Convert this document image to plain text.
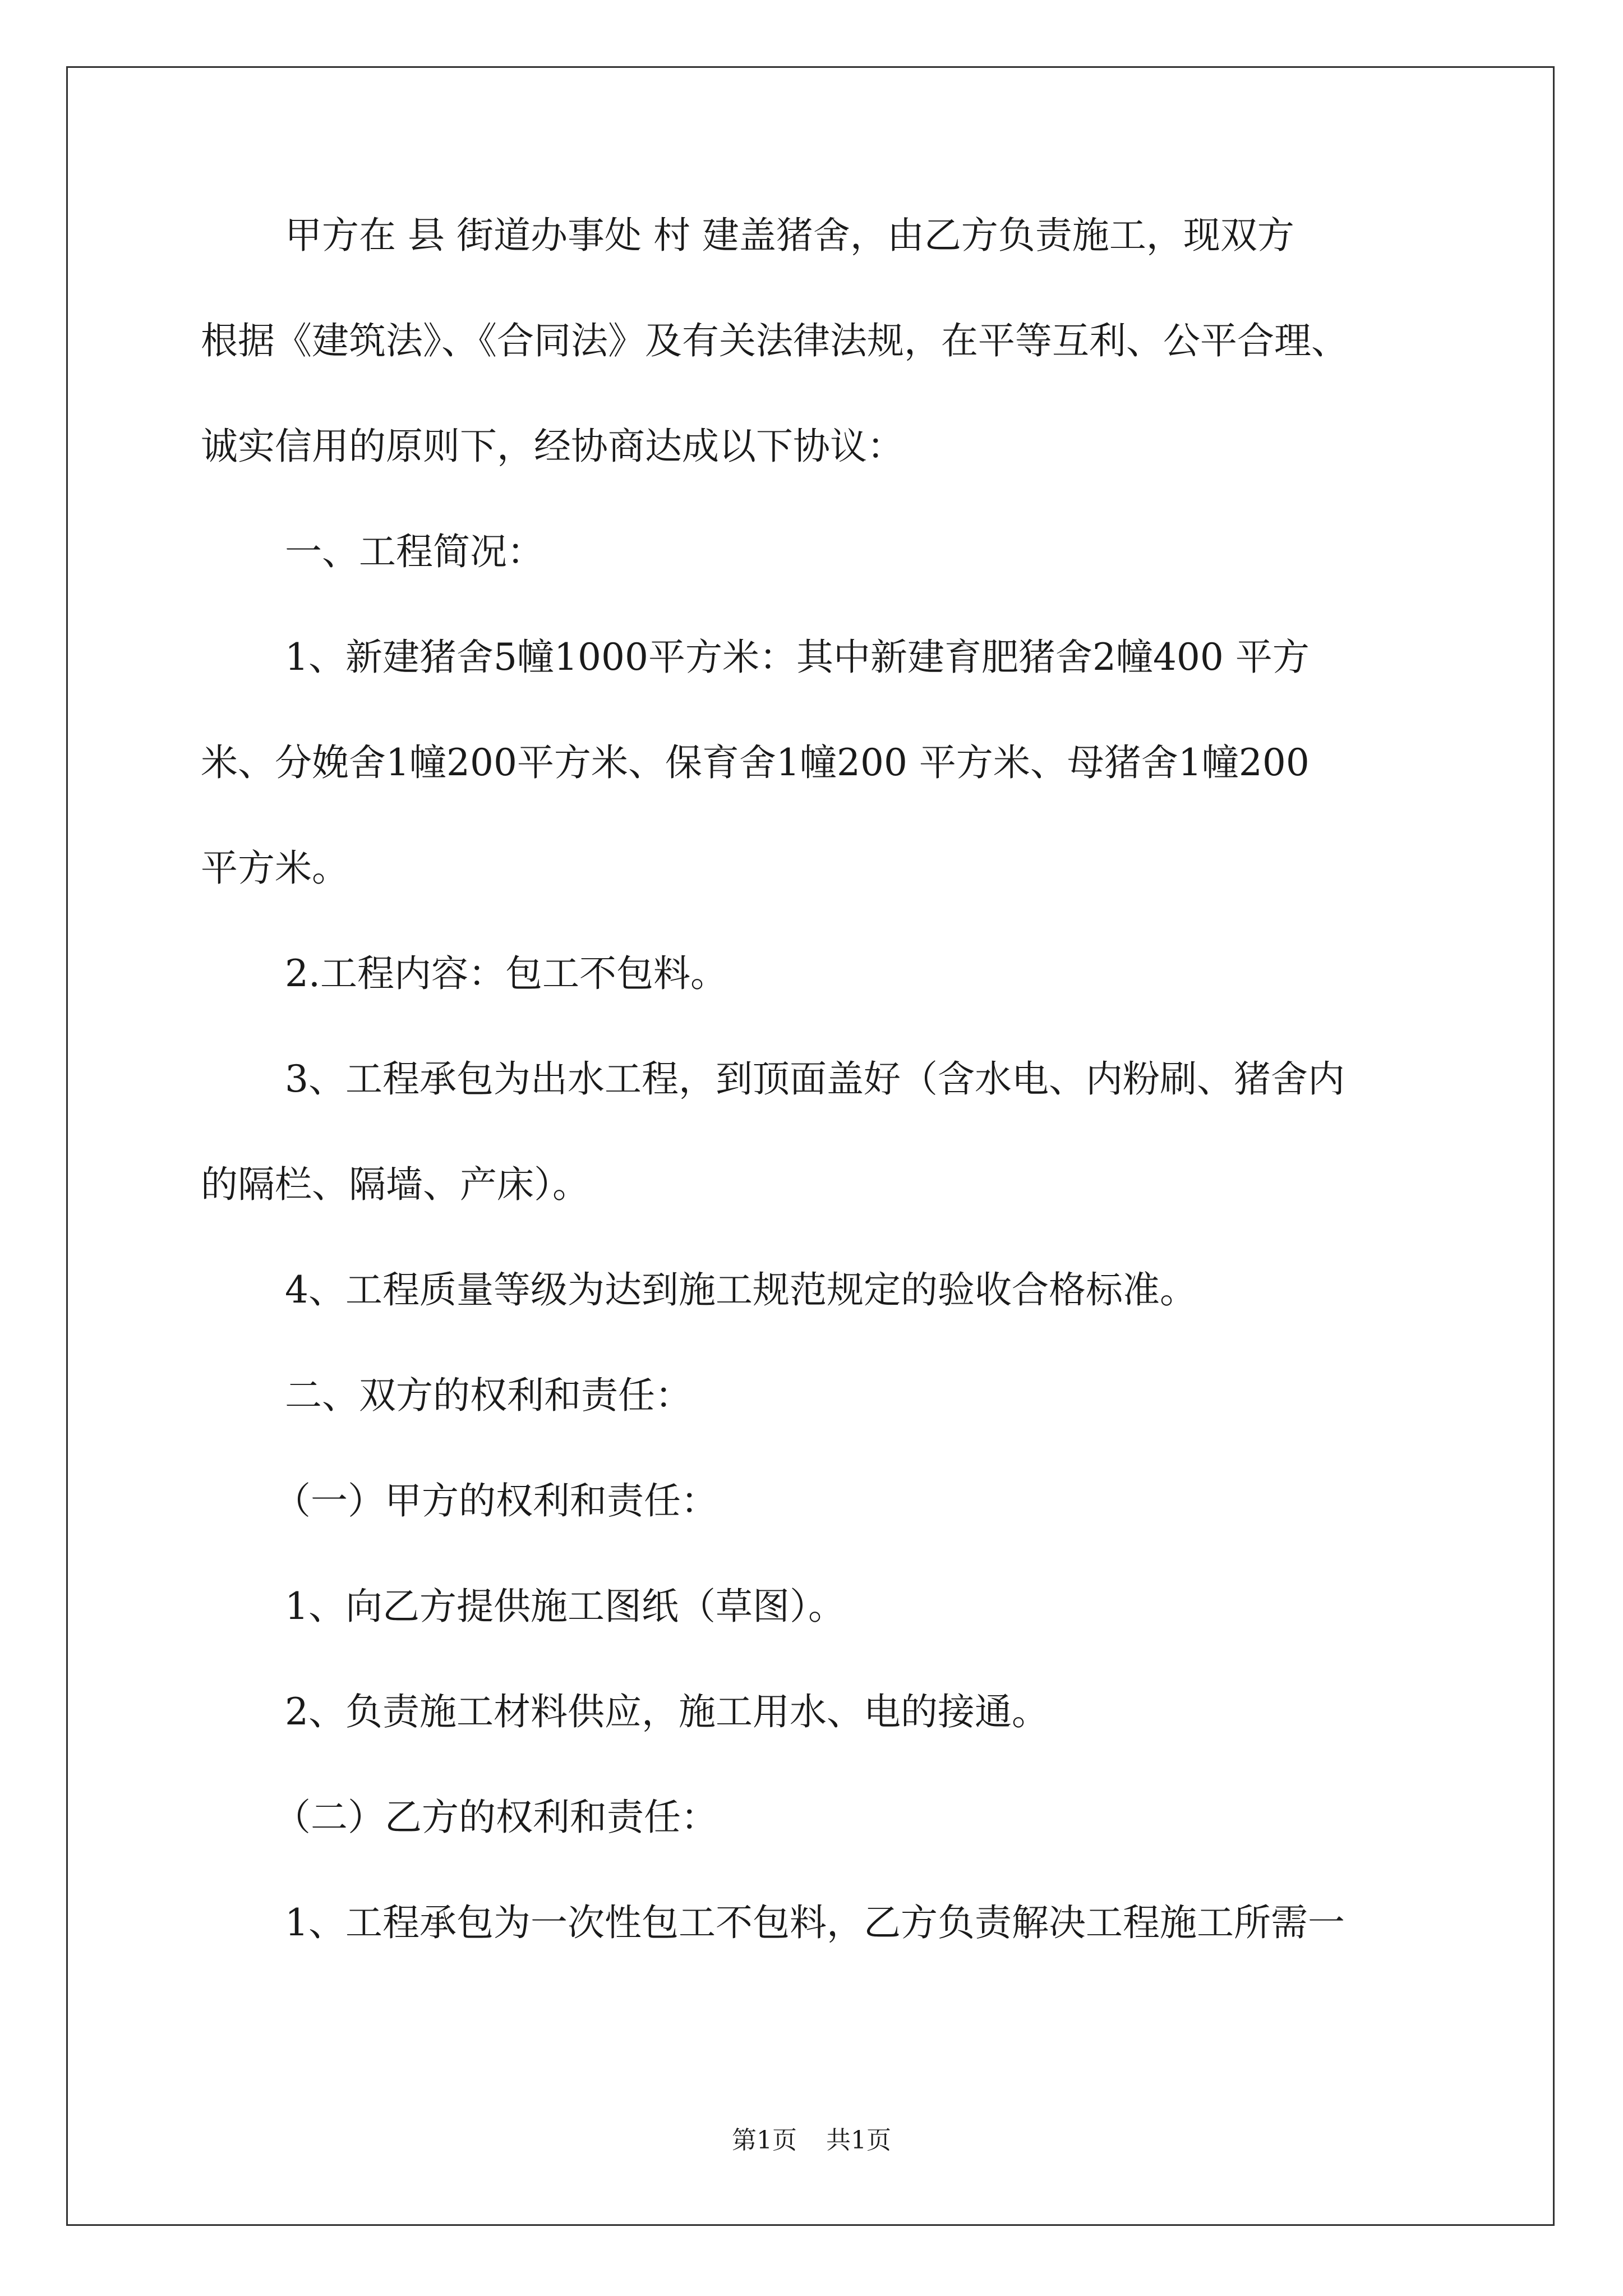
甲方在 县 街道办事处 村 建盖猪舍，由乙方负责施工，现双方
根据《建筑法》、《合同法》及有关法律法规，在平等互利、公平合理、
诚实信用的原则下，经协商达成以下协议：
一、工程简况：
1、新建猪舍5幢1000平方米：其中新建育肥猪舍2幢400 平方
米、分娩舍1幢200平方米、保育舍1幢200 平方米、母猪舍1幢200
平方米。
2.工程内容：包工不包料。
3、工程承包为出水工程，到顶面盖好（含水电、内粉刷、猪舍内
的隔栏、隔墙、产床）。
4、工程质量等级为达到施工规范规定的验收合格标准。
二、双方的权利和责任：
（一）甲方的权利和责任：
1、向乙方提供施工图纸（草图）。
2、负责施工材料供应，施工用水、电的接通。
（二）乙方的权利和责任：
1、工程承包为一次性包工不包料，乙方负责解决工程施工所需一
第1页 共1页
